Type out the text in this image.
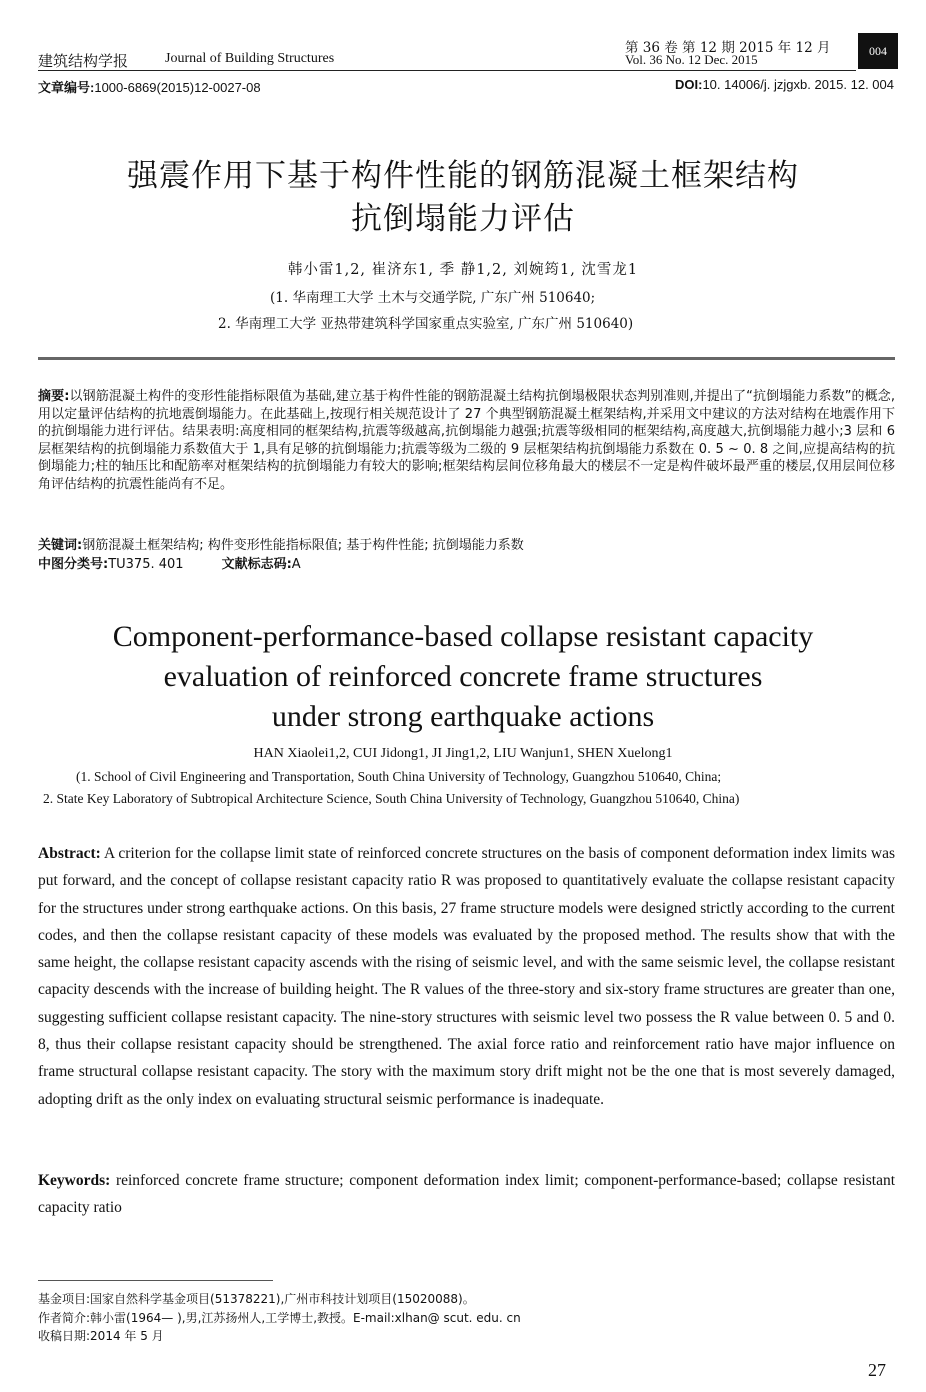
建筑结构学报	Journal of Building Structures
第 36 卷 第 12 期 2015 年 12 月
Vol. 36 No. 12 Dec. 2015
004
文章编号:1000-6869(2015)12-0027-08	DOI:10. 14006/j. jzjgxb. 2015. 12. 004
强震作用下基于构件性能的钢筋混凝土框架结构
抗倒塌能力评估
韩小雷1,2, 崔济东1, 季 静1,2, 刘婉筠1, 沈雪龙1
(1. 华南理工大学 土木与交通学院, 广东广州 510640;
2. 华南理工大学 亚热带建筑科学国家重点实验室, 广东广州 510640)
摘要:以钢筋混凝土构件的变形性能指标限值为基础,建立基于构件性能的钢筋混凝土结构抗倒塌极限状态判别准则,并提出了“抗倒塌能力系数”的概念,用以定量评估结构的抗地震倒塌能力。在此基础上,按现行相关规范设计了 27 个典型钢筋混凝土框架结构,并采用文中建议的方法对结构在地震作用下的抗倒塌能力进行评估。结果表明:高度相同的框架结构,抗震等级越高,抗倒塌能力越强;抗震等级相同的框架结构,高度越大,抗倒塌能力越小;3 层和 6 层框架结构的抗倒塌能力系数值大于 1,具有足够的抗倒塌能力;抗震等级为二级的 9 层框架结构抗倒塌能力系数在 0. 5 ~ 0. 8 之间,应提高结构的抗倒塌能力;柱的轴压比和配筋率对框架结构的抗倒塌能力有较大的影响;框架结构层间位移角最大的楼层不一定是构件破坏最严重的楼层,仅用层间位移角评估结构的抗震性能尚有不足。
关键词:钢筋混凝土框架结构; 构件变形性能指标限值; 基于构件性能; 抗倒塌能力系数
中图分类号:TU375. 401	文献标志码:A
Component-performance-based collapse resistant capacity
evaluation of reinforced concrete frame structures
under strong earthquake actions
HAN Xiaolei1,2, CUI Jidong1, JI Jing1,2, LIU Wanjun1, SHEN Xuelong1
(1. School of Civil Engineering and Transportation, South China University of Technology, Guangzhou 510640, China;
2. State Key Laboratory of Subtropical Architecture Science, South China University of Technology, Guangzhou 510640, China)
Abstract: A criterion for the collapse limit state of reinforced concrete structures on the basis of component deformation index limits was put forward, and the concept of collapse resistant capacity ratio R was proposed to quantitatively evaluate the collapse resistant capacity for the structures under strong earthquake actions. On this basis, 27 frame structure models were designed strictly according to the current codes, and then the collapse resistant capacity of these models was evaluated by the proposed method. The results show that with the same height, the collapse resistant capacity ascends with the rising of seismic level, and with the same seismic level, the collapse resistant capacity descends with the increase of building height. The R values of the three-story and six-story frame structures are greater than one, suggesting sufficient collapse resistant capacity. The nine-story structures with seismic level two possess the R value between 0. 5 and 0. 8, thus their collapse resistant capacity should be strengthened. The axial force ratio and reinforcement ratio have major influence on frame structural collapse resistant capacity. The story with the maximum story drift might not be the one that is most severely damaged, adopting drift as the only index on evaluating structural seismic performance is inadequate.
Keywords: reinforced concrete frame structure; component deformation index limit; component-performance-based; collapse resistant capacity ratio
基金项目:国家自然科学基金项目(51378221),广州市科技计划项目(15020088)。
作者简介:韩小雷(1964— ),男,江苏扬州人,工学博士,教授。E-mail:xlhan@ scut. edu. cn
收稿日期:2014 年 5 月
27
